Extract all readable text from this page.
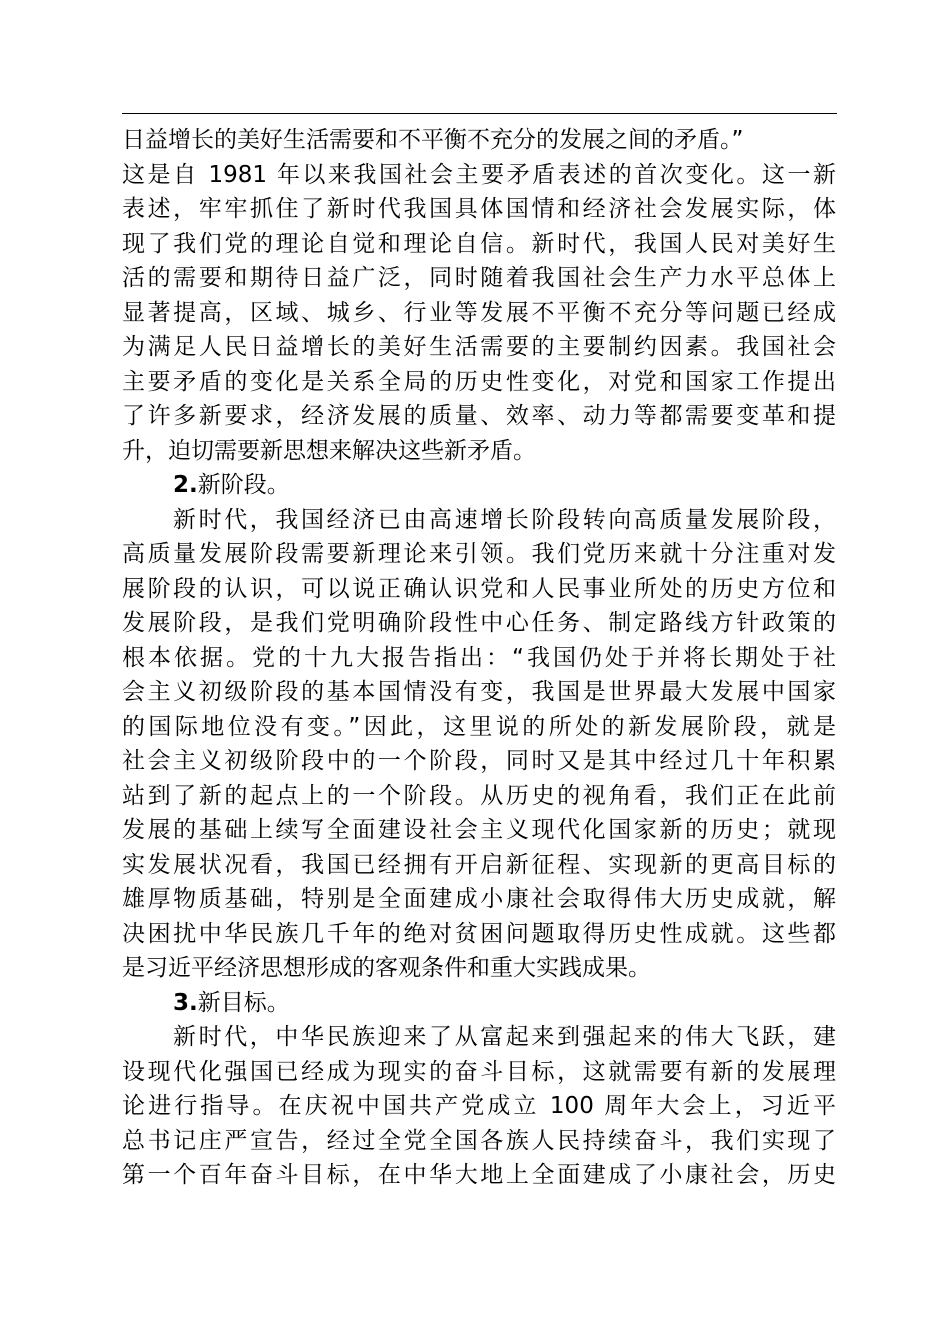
日益增长的美好生活需要和不平衡不充分的发展之间的矛盾。”
这是自 1981 年以来我国社会主要矛盾表述的首次变化。这一新
表述，牢牢抓住了新时代我国具体国情和经济社会发展实际，体
现了我们党的理论自觉和理论自信。新时代，我国人民对美好生
活的需要和期待日益广泛，同时随着我国社会生产力水平总体上
显著提高，区域、城乡、行业等发展不平衡不充分等问题已经成
为满足人民日益增长的美好生活需要的主要制约因素。我国社会
主要矛盾的变化是关系全局的历史性变化，对党和国家工作提出
了许多新要求，经济发展的质量、效率、动力等都需要变革和提
升，迫切需要新思想来解决这些新矛盾。
2.新阶段。
新时代，我国经济已由高速增长阶段转向高质量发展阶段，
高质量发展阶段需要新理论来引领。我们党历来就十分注重对发
展阶段的认识，可以说正确认识党和人民事业所处的历史方位和
发展阶段，是我们党明确阶段性中心任务、制定路线方针政策的
根本依据。党的十九大报告指出：“我国仍处于并将长期处于社
会主义初级阶段的基本国情没有变，我国是世界最大发展中国家
的国际地位没有变。”因此，这里说的所处的新发展阶段，就是
社会主义初级阶段中的一个阶段，同时又是其中经过几十年积累
站到了新的起点上的一个阶段。从历史的视角看，我们正在此前
发展的基础上续写全面建设社会主义现代化国家新的历史；就现
实发展状况看，我国已经拥有开启新征程、实现新的更高目标的
雄厚物质基础，特别是全面建成小康社会取得伟大历史成就，解
决困扰中华民族几千年的绝对贫困问题取得历史性成就。这些都
是习近平经济思想形成的客观条件和重大实践成果。
3.新目标。
新时代，中华民族迎来了从富起来到强起来的伟大飞跃，建
设现代化强国已经成为现实的奋斗目标，这就需要有新的发展理
论进行指导。在庆祝中国共产党成立 100 周年大会上，习近平
总书记庄严宣告，经过全党全国各族人民持续奋斗，我们实现了
第一个百年奋斗目标，在中华大地上全面建成了小康社会，历史
